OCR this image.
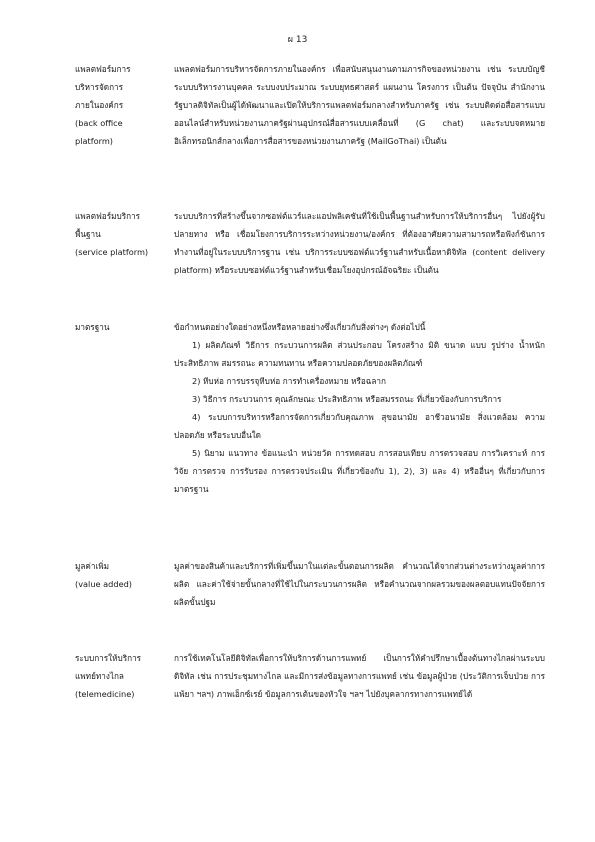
ผ 13
แพลตฟอร์มการ
บริหารจัดการ
ภายในองค์กร
(back office
platform)

แพลตฟอร์มการบริหารจัดการภายในองค์กร เพื่อสนับสนุนงานตามภารกิจของหน่วยงาน เช่น ระบบบัญชี ระบบบริหารงานบุคคล ระบบงบประมาณ ระบบยุทธศาสตร์ แผนงาน โครงการ เป็นต้น ปัจจุบัน สำนักงานรัฐบาลดิจิทัลเป็นผู้ได้พัฒนาและเปิดให้บริการแพลตฟอร์มกลางสำหรับภาครัฐ เช่น ระบบติดต่อสื่อสารแบบออนไลน์สำหรับหน่วยงานภาครัฐผ่านอุปกรณ์สื่อสารแบบเคลื่อนที่ (G chat) และระบบจดหมายอิเล็กทรอนิกส์กลางเพื่อการสื่อสารของหน่วยงานภาครัฐ (MailGoThai) เป็นต้น

แพลตฟอร์มบริการ
พื้นฐาน
(service platform)

ระบบบริการที่สร้างขึ้นจากซอฟต์แวร์และแอปพลิเคชันที่ใช้เป็นพื้นฐานสำหรับการให้บริการอื่นๆ ไปยังผู้รับปลายทาง หรือ เชื่อมโยงการบริการระหว่างหน่วยงาน/องค์กร ที่ต้องอาศัยความสามารถหรือฟังก์ชันการทำงานที่อยู่ในระบบบริการฐาน เช่น บริการระบบซอฟต์แวร์ฐานสำหรับเนื้อหาดิจิทัล (content delivery platform) หรือระบบซอฟต์แวร์ฐานสำหรับเชื่อมโยงอุปกรณ์อัจฉริยะ เป็นต้น

มาตรฐาน	ข้อกำหนดอย่างใดอย่างหนึ่งหรือหลายอย่างซึ่งเกี่ยวกับสิ่งต่างๆ ดังต่อไปนี้

1) ผลิตภัณฑ์ วิธีการ กระบวนการผลิต ส่วนประกอบ โครงสร้าง มิติ ขนาด แบบ รูปร่าง น้ำหนัก ประสิทธิภาพ สมรรถนะ ความทนทาน หรือความปลอดภัยของผลิตภัณฑ์

2) หีบห่อ การบรรจุหีบห่อ การทำเครื่องหมาย หรือฉลาก

3) วิธีการ กระบวนการ คุณลักษณะ ประสิทธิภาพ หรือสมรรถนะ ที่เกี่ยวข้องกับการบริการ

4) ระบบการบริหารหรือการจัดการเกี่ยวกับคุณภาพ สุขอนามัย อาชีวอนามัย สิ่งแวดล้อม ความปลอดภัย หรือระบบอื่นใด

5) นิยาม แนวทาง ข้อแนะนำ หน่วยวัด การทดสอบ การสอบเทียบ การตรวจสอบ การวิเคราะห์ การวิจัย การตรวจ การรับรอง การตรวจประเมิน ที่เกี่ยวข้องกับ 1), 2), 3) และ 4) หรืออื่นๆ ที่เกี่ยวกับการมาตรฐาน

มูลค่าเพิ่ม
(value added)

มูลค่าของสินค้าและบริการที่เพิ่มขึ้นมาในแต่ละขั้นตอนการผลิต คำนวณได้จากส่วนต่างระหว่างมูลค่าการผลิต และค่าใช้จ่ายขั้นกลางที่ใช้ไปในกระบวนการผลิต หรือคำนวณจากผลรวมของผลตอบแทนปัจจัยการผลิตขั้นปฐม

ระบบการให้บริการ
แพทย์ทางไกล
(telemedicine)

การใช้เทคโนโลยีดิจิทัลเพื่อการให้บริการด้านการแพทย์ เป็นการให้คำปรึกษาเบื้องต้นทางไกลผ่านระบบดิจิทัล เช่น การประชุมทางไกล และมีการส่งข้อมูลทางการแพทย์ เช่น ข้อมูลผู้ป่วย (ประวัติการเจ็บป่วย การแพ้ยา ฯลฯ) ภาพเอ็กซ์เรย์ ข้อมูลการเต้นของหัวใจ ฯลฯ ไปยังบุคลากรทางการแพทย์ได้
